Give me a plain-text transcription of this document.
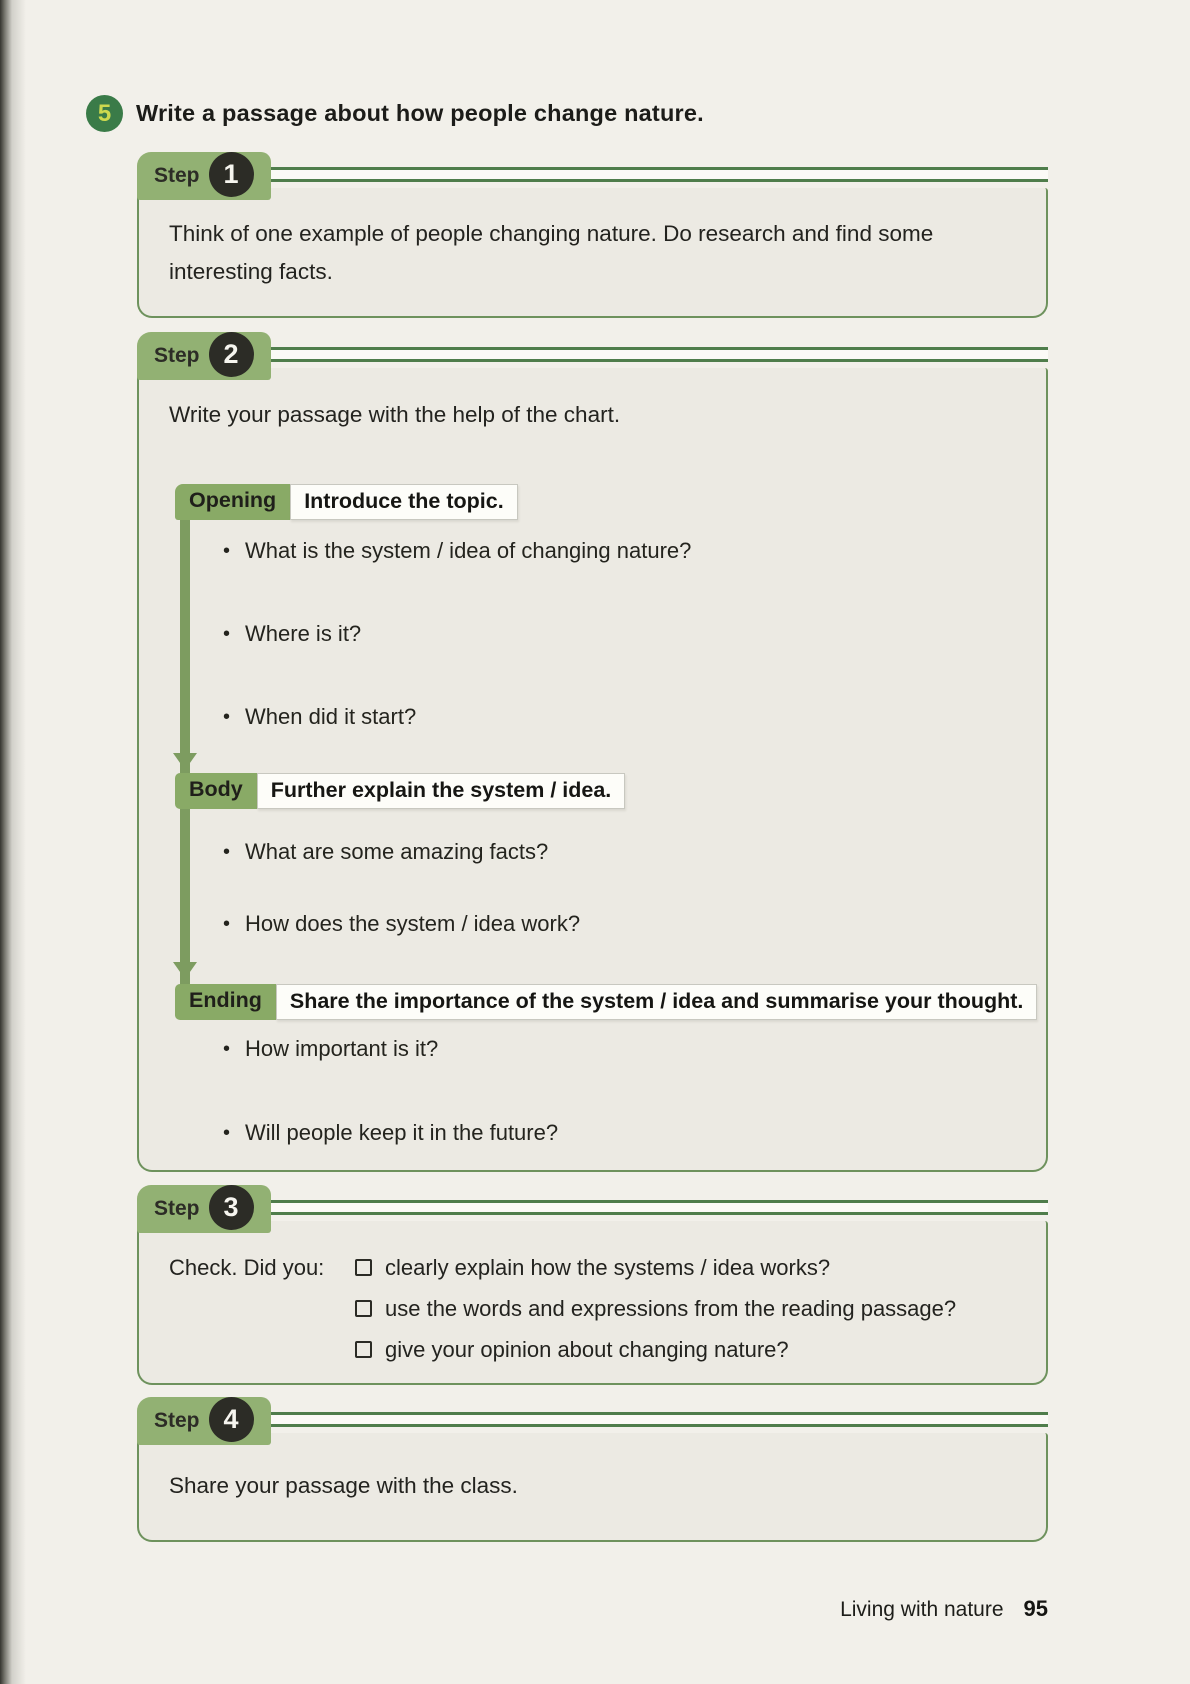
5	Write a passage about how people change nature.
Step 1
Think of one example of people changing nature. Do research and find some interesting facts.
Step 2
Write your passage with the help of the chart.
Opening	Introduce the topic.
• What is the system / idea of changing nature?
• Where is it?
• When did it start?
Body	Further explain the system / idea.
• What are some amazing facts?
• How does the system / idea work?
Ending	Share the importance of the system / idea and summarise your thought.
• How important is it?
• Will people keep it in the future?
Step 3
Check. Did you:	clearly explain how the systems / idea works?
use the words and expressions from the reading passage?
give your opinion about changing nature?
Step 4
Share your passage with the class.
Living with nature 95
